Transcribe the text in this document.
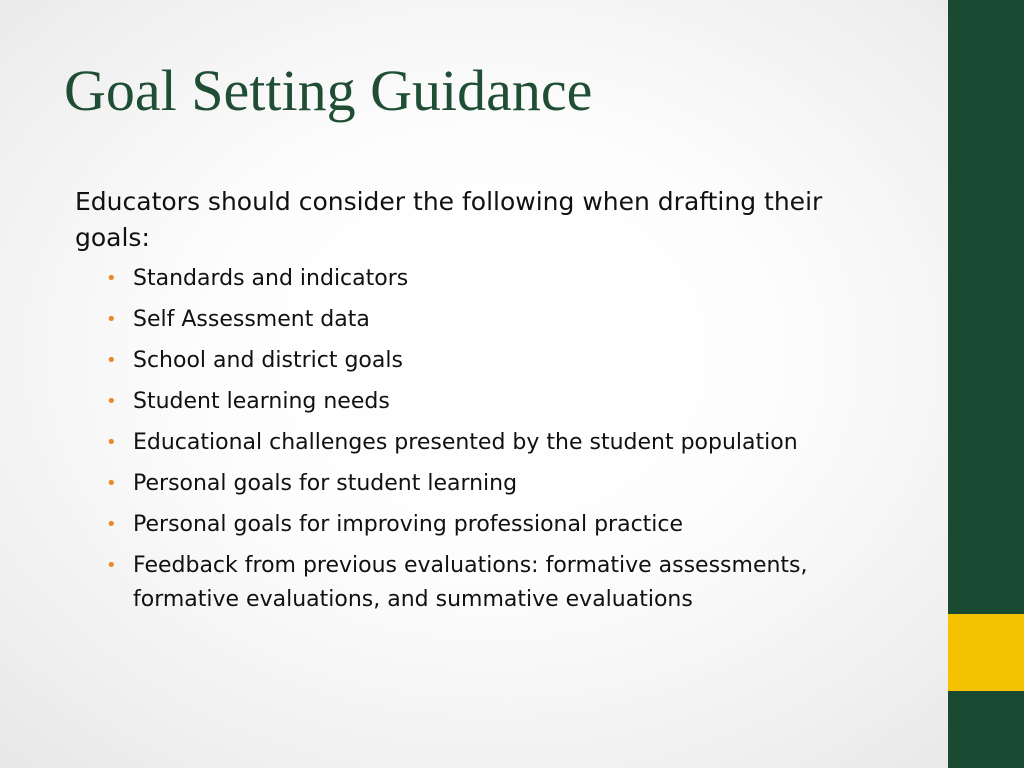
Goal Setting Guidance

Educators should consider the following when drafting their goals:

• Standards and indicators
• Self Assessment data
• School and district goals
• Student learning needs
• Educational challenges presented by the student population
• Personal goals for student learning
• Personal goals for improving professional practice
• Feedback from previous evaluations: formative assessments, formative evaluations, and summative evaluations
